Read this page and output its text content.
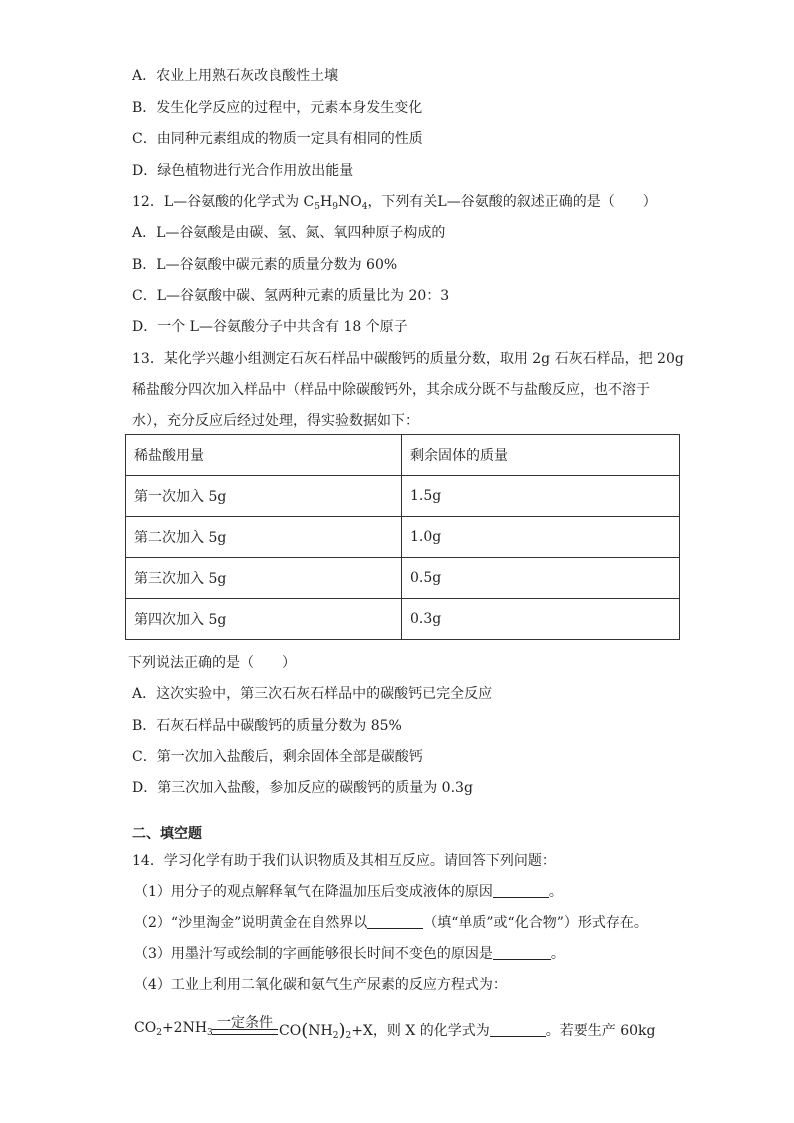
A．农业上用熟石灰改良酸性土壤
B．发生化学反应的过程中，元素本身发生变化
C．由同种元素组成的物质一定具有相同的性质
D．绿色植物进行光合作用放出能量
12．L—谷氨酸的化学式为 $C_5H_9NO_4$，下列有关L—谷氨酸的叙述正确的是（　　）
A．L—谷氨酸是由碳、氢、氮、氧四种原子构成的
B．L—谷氨酸中碳元素的质量分数为 60%
C．L—谷氨酸中碳、氢两种元素的质量比为 20：3
D．一个 L—谷氨酸分子中共含有 18 个原子
13．某化学兴趣小组测定石灰石样品中碳酸钙的质量分数，取用 2g 石灰石样品，把 20g
稀盐酸分四次加入样品中（样品中除碳酸钙外，其余成分既不与盐酸反应，也不溶于
水），充分反应后经过处理，得实验数据如下：
稀盐酸用量	剩余固体的质量
第一次加入 5g	1.5g
第二次加入 5g	1.0g
第三次加入 5g	0.5g
第四次加入 5g	0.3g
下列说法正确的是（　　）
A．这次实验中，第三次石灰石样品中的碳酸钙已完全反应
B．石灰石样品中碳酸钙的质量分数为 85%
C．第一次加入盐酸后，剩余固体全部是碳酸钙
D．第三次加入盐酸，参加反应的碳酸钙的质量为 0.3g
二、填空题
14．学习化学有助于我们认识物质及其相互反应。请回答下列问题：
（1）用分子的观点解释氧气在降温加压后变成液体的原因	。
（2）“沙里淘金”说明黄金在自然界以	（填“单质”或“化合物”）形式存在。
（3）用墨汁写或绘制的字画能够很长时间不变色的原因是	。
（4）工业上利用二氧化碳和氨气生产尿素的反应方程式为：
一定条件
$CO_2+2NH_3$	$CO(NH_2)_2+X$，则 X 的化学式为	。若要生产 60kg
